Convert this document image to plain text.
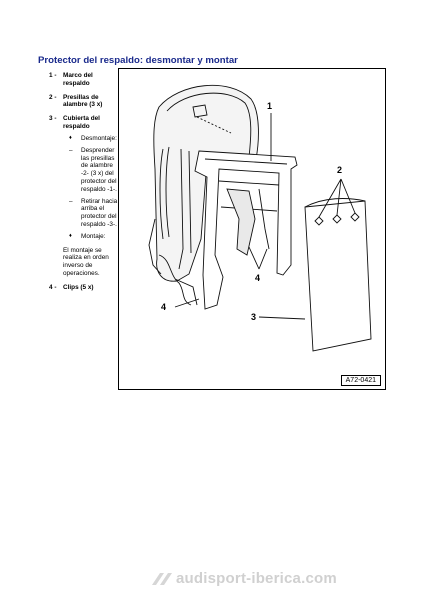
Protector del respaldo: desmontar y montar
1 - Marco del respaldo
2 - Presillas de alambre (3 x)
3 - Cubierta del respaldo
♦ Desmontaje:
– Desprender las presillas de alambre -2- (3 x) del protector del respaldo -1-.
– Retirar hacia arriba el protector del respaldo -3-.
♦ Montaje:
El montaje se realiza en orden inverso de operaciones.
4 - Clips (5 x)
1
2
3
4
4
A72-0421
audisport-iberica.com
